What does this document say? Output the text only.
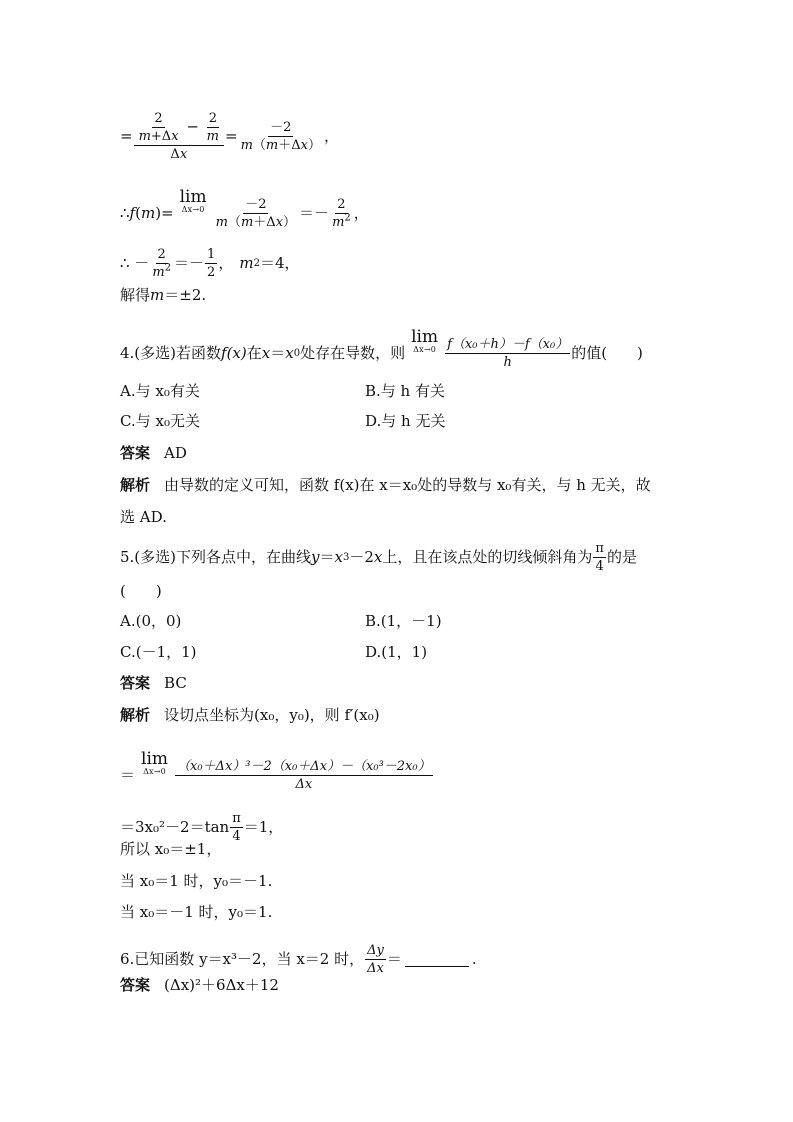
= $\frac{2}{m+\Delta x} - \frac{2}{m}$
Δx
= $\frac{-2}{m(m+\Delta x)}$ ，
∴ f ( m )=
lim
$\Delta x\to 0 \frac{-2}{m(m+\Delta x)} =- \frac{2}{m^2}$ ，
∴ － $\frac{2}{m^2} =- \frac{1}{2}$ ， m 2 ＝4，
解得 m ＝±2.
4.(多选)若函数 f(x) 在 x ＝ x 0 处存在导数，则
lim
$\Delta x\to 0 \frac{\text{f（x₀＋h）－f（x₀）}}{h}$ 的值(　　)
A.与 x₀有关	B.与 h 有关
C.与 x₀无关	D.与 h 无关
答案 AD
解析 由导数的定义可知，函数 f(x)在 x＝x₀处的导数与 x₀有关，与 h 无关，故
选 AD.
5.(多选)下列各点中，在曲线 y ＝ x 3 －2 x 上，且在该点处的切线倾斜角为 $\frac{\pi}{4}$ 的是
(　　)
A.(0，0)	B.(1，－1)
C.(－1，1)	D.(1，1)
答案 BC
解析 设切点坐标为(x₀，y₀)，则 f′(x₀)
＝
lim
$\Delta x\to 0 \frac{\text{（x₀＋Δx）³－2（x₀＋Δx）－（x₀³－2x₀）}}{\Delta x}$
$=3x_0^2-2=\tan \frac{\pi}{4} =1$，
所以 x₀＝±1，
当 x₀＝1 时，y₀＝－1.
当 x₀＝－1 时，y₀＝1.
6.已知函数 y＝x³－2，当 x＝2 时， $\frac{\Delta y}{\Delta x}$ ＝	.
答案 (Δx)²＋6Δx＋12
